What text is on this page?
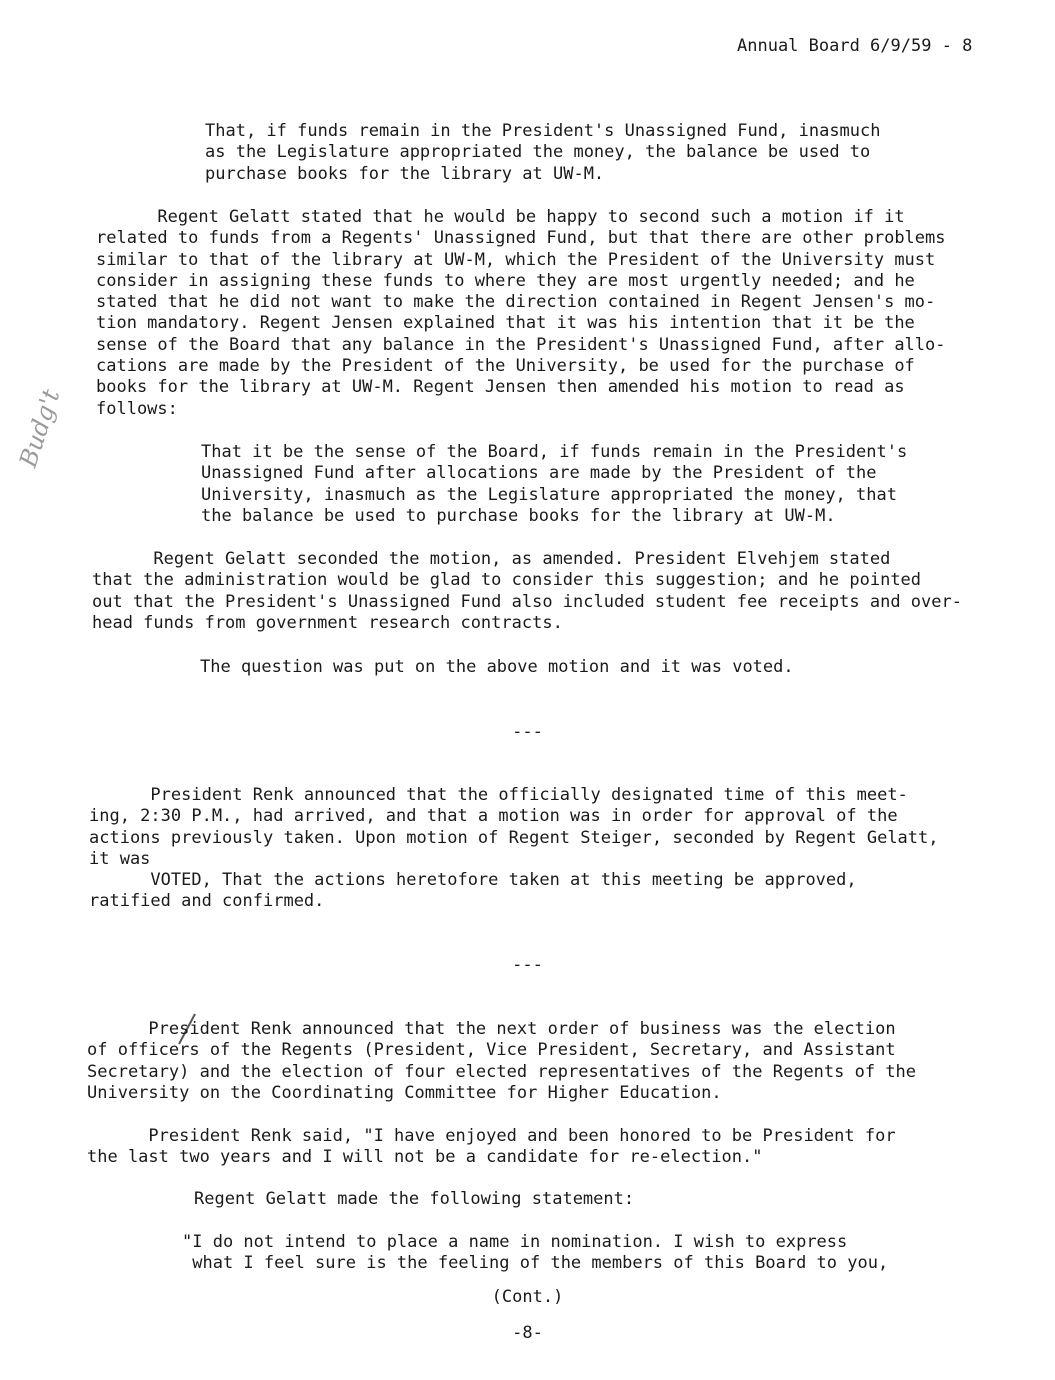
Annual Board 6/9/59 - 8

That, if funds remain in the President's Unassigned Fund, inasmuch
as the Legislature appropriated the money, the balance be used to
purchase books for the library at UW-M.

Regent Gelatt stated that he would be happy to second such a motion if it
related to funds from a Regents' Unassigned Fund, but that there are other problems
similar to that of the library at UW-M, which the President of the University must
consider in assigning these funds to where they are most urgently needed; and he
stated that he did not want to make the direction contained in Regent Jensen's mo-
tion mandatory. Regent Jensen explained that it was his intention that it be the
sense of the Board that any balance in the President's Unassigned Fund, after allo-
cations are made by the President of the University, be used for the purchase of
books for the library at UW-M. Regent Jensen then amended his motion to read as
follows:

That it be the sense of the Board, if funds remain in the President's
Unassigned Fund after allocations are made by the President of the
University, inasmuch as the Legislature appropriated the money, that
the balance be used to purchase books for the library at UW-M.

Budg't

Regent Gelatt seconded the motion, as amended. President Elvehjem stated
that the administration would be glad to consider this suggestion; and he pointed
out that the President's Unassigned Fund also included student fee receipts and over-
head funds from government research contracts.

The question was put on the above motion and it was voted.

---

President Renk announced that the officially designated time of this meet-
ing, 2:30 P.M., had arrived, and that a motion was in order for approval of the
actions previously taken. Upon motion of Regent Steiger, seconded by Regent Gelatt,
it was
VOTED, That the actions heretofore taken at this meeting be approved,
ratified and confirmed.

---

President Renk announced that the next order of business was the election
of officers of the Regents (President, Vice President, Secretary, and Assistant
Secretary) and the election of four elected representatives of the Regents of the
University on the Coordinating Committee for Higher Education.

President Renk said, "I have enjoyed and been honored to be President for
the last two years and I will not be a candidate for re-election."

Regent Gelatt made the following statement:

"I do not intend to place a name in nomination. I wish to express
what I feel sure is the feeling of the members of this Board to you,

(Cont.)

-8-
